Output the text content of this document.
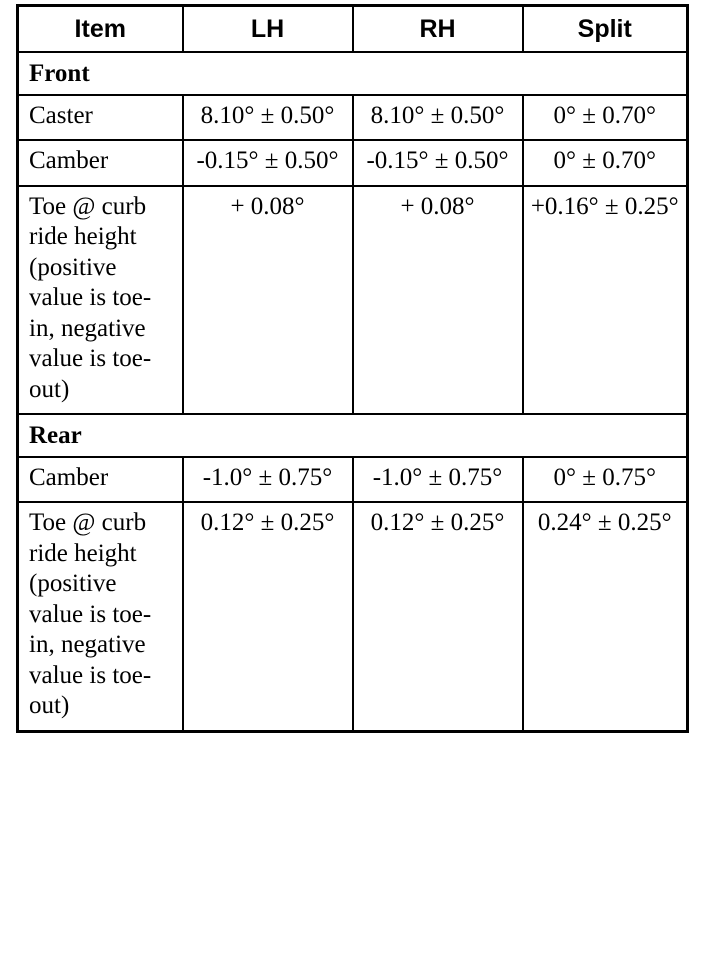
Item	LH	RH	Split
Front			
Caster	8.10° ± 0.50°	8.10° ± 0.50°	0° ± 0.70°

Camber	-0.15° ± 0.50°	-0.15° ± 0.50°	0° ± 0.70°

Toe @ curb ride height (positive value is toe-in, negative value is toe-out)	+ 0.08°	+ 0.08°	+0.16° ± 0.25°

Rear			
Camber	-1.0° ± 0.75°	-1.0° ± 0.75°	0° ± 0.75°

Toe @ curb ride height (positive value is toe-in, negative value is toe-out)	0.12° ± 0.25°	0.12° ± 0.25°	0.24° ± 0.25°
